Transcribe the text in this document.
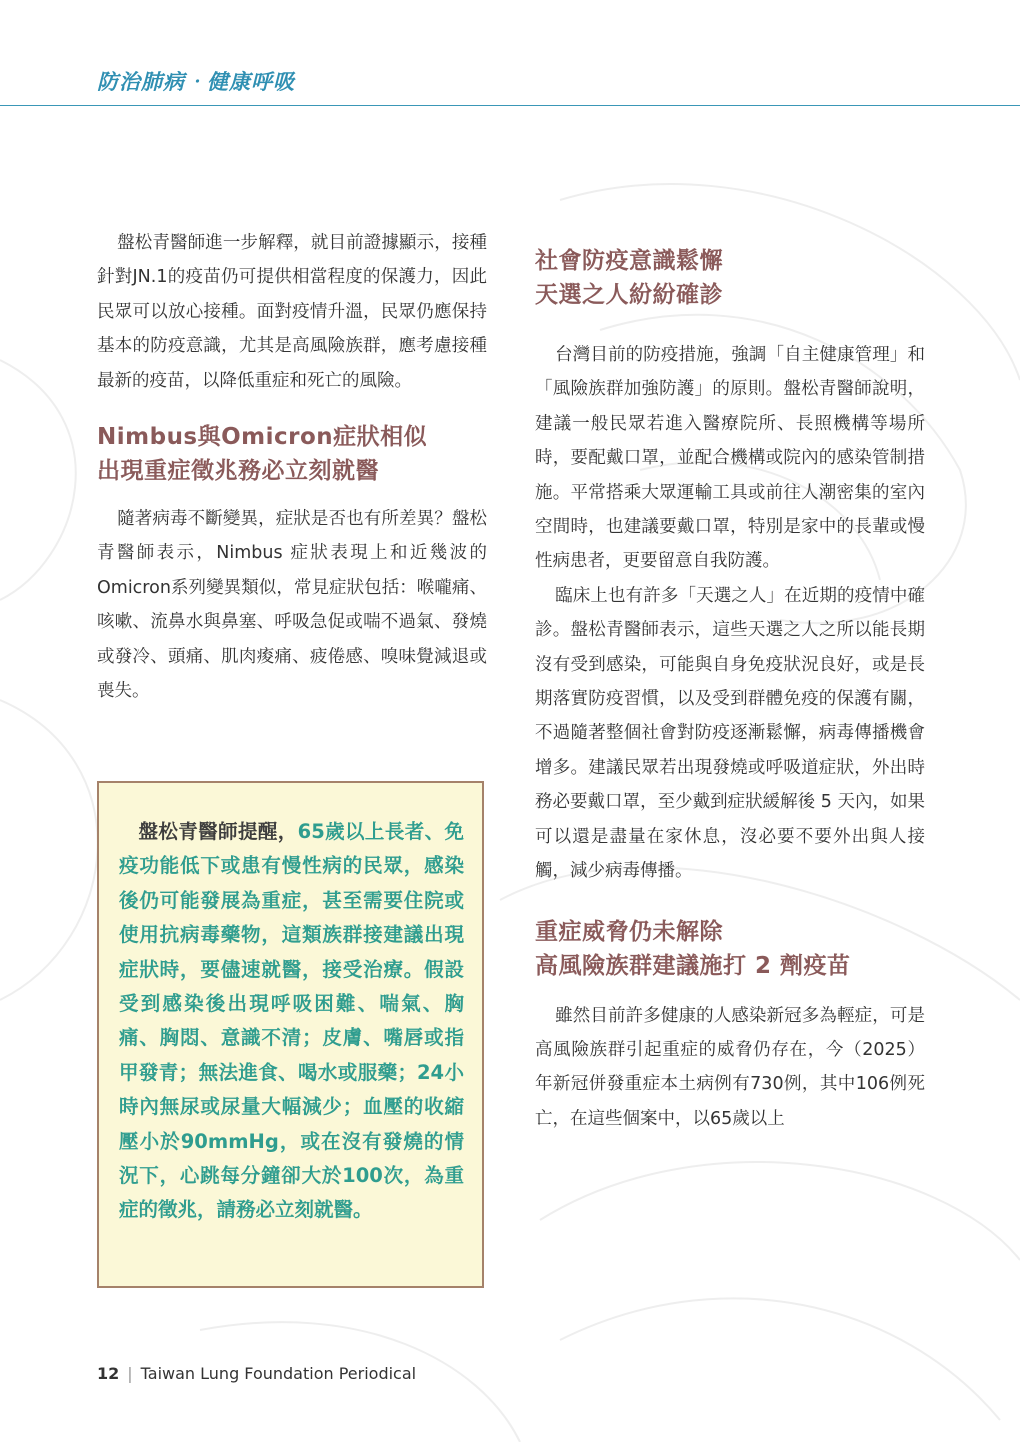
防治肺病‧健康呼吸

盤松青醫師進一步解釋，就目前證據顯示，接種針對JN.1的疫苗仍可提供相當程度的保護力，因此民眾可以放心接種。面對疫情升溫，民眾仍應保持基本的防疫意識，尤其是高風險族群，應考慮接種最新的疫苗，以降低重症和死亡的風險。

Nimbus與Omicron症狀相似
出現重症徵兆務必立刻就醫

隨著病毒不斷變異，症狀是否也有所差異？盤松青醫師表示，Nimbus 症狀表現上和近幾波的Omicron系列變異類似，常見症狀包括：喉嚨痛、咳嗽、流鼻水與鼻塞、呼吸急促或喘不過氣、發燒或發冷、頭痛、肌肉痠痛、疲倦感、嗅味覺減退或喪失。

盤松青醫師提醒，65歲以上長者、免疫功能低下或患有慢性病的民眾，感染後仍可能發展為重症，甚至需要住院或使用抗病毒藥物，這類族群接建議出現症狀時，要儘速就醫，接受治療。假設受到感染後出現呼吸困難、喘氣、胸痛、胸悶、意識不清；皮膚、嘴唇或指甲發青；無法進食、喝水或服藥；24小時內無尿或尿量大幅減少；血壓的收縮壓小於90mmHg，或在沒有發燒的情況下，心跳每分鐘卻大於100次，為重症的徵兆，請務必立刻就醫。

社會防疫意識鬆懈
天選之人紛紛確診

台灣目前的防疫措施，強調「自主健康管理」和「風險族群加強防護」的原則。盤松青醫師說明，建議一般民眾若進入醫療院所、長照機構等場所時，要配戴口罩，並配合機構或院內的感染管制措施。平常搭乘大眾運輸工具或前往人潮密集的室內空間時，也建議要戴口罩，特別是家中的長輩或慢性病患者，更要留意自我防護。

臨床上也有許多「天選之人」在近期的疫情中確診。盤松青醫師表示，這些天選之人之所以能長期沒有受到感染，可能與自身免疫狀況良好，或是長期落實防疫習慣，以及受到群體免疫的保護有關，不過隨著整個社會對防疫逐漸鬆懈，病毒傳播機會增多。建議民眾若出現發燒或呼吸道症狀，外出時務必要戴口罩，至少戴到症狀緩解後 5 天內，如果可以還是盡量在家休息，沒必要不要外出與人接觸，減少病毒傳播。

重症威脅仍未解除
高風險族群建議施打 2 劑疫苗

雖然目前許多健康的人感染新冠多為輕症，可是高風險族群引起重症的威脅仍存在，今（2025）年新冠併發重症本土病例有730例，其中106例死亡，在這些個案中，以65歲以上

12 | Taiwan Lung Foundation Periodical
